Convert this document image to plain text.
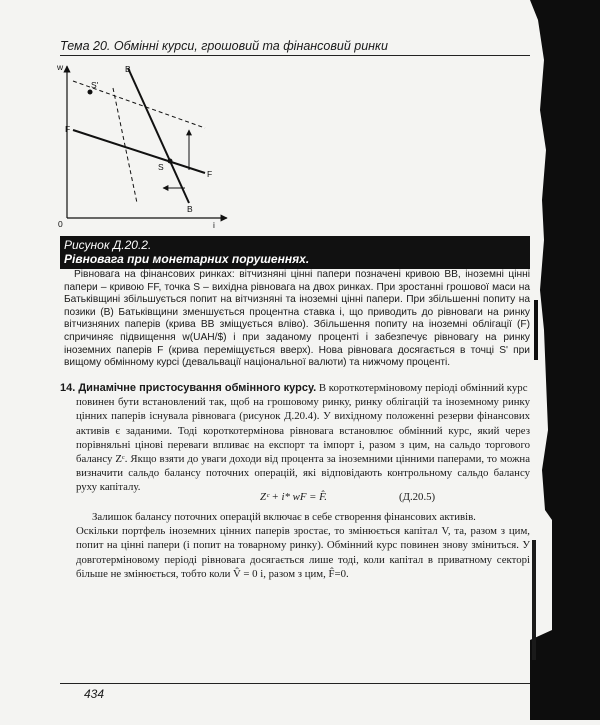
Тема 20. Обмінні курси, грошовий та фінансовий ринки
w
i
0
B
B
F
F
S
S'
Рисунок Д.20.2.
Рівновага при монетарних порушеннях.
Рівновага на фінансових ринках: вітчизняні цінні папери позначені кривою BB, іноземні цінні папери – кривою FF, точка S – вихідна рівновага на двох ринках. При зростанні грошової маси на Батьківщині збільшується попит на вітчизняні та іноземні цінні папери. При збільшенні попиту на позики (B) Батьківщини зменшується процентна ставка i, що приводить до рівноваги на ринку вітчизняних паперів (крива BB зміщується вліво). Збільшення попиту на іноземні облігації (F) спричиняє підвищення w(UAH/$) і при заданому проценті i забезпечує рівновагу на ринку іноземних паперів F (крива переміщується вверх). Нова рівновага досягається в точці S' при вищому обмінному курсі (девальвації національної валюти) та нижчому проценті.
14. Динамічне пристосування обмінного курсу. В короткотерміновому періоді обмінний курс
повинен бути встановлений так, щоб на грошовому ринку, ринку облігацій та іноземному ринку цінних паперів існувала рівновага (рисунок Д.20.4). У вихідному положенні резерви фінансових активів є заданими. Тоді короткотермінова рівновага встановлює обмінний курс, який через порівняльні цінові переваги впливає на експорт та імпорт і, разом з цим, на сальдо торгового балансу Zᶜ. Якщо взяти до уваги доходи від процента за іноземними цінними паперами, то можна визначити сальдо балансу поточних операцій, які відповідають контрольному сальдо балансу руху капіталу.
Zᶜ + i* wF = F̂.	(Д.20.5)
Залишок балансу поточних операцій включає в себе створення фінансових активів.
Оскільки портфель іноземних цінних паперів зростає, то змінюється капітал V, та, разом з цим, попит на цінні папери (і попит на товарному ринку). Обмінний курс повинен знову зміниться. У довготерміновому періоді рівновага досягається лише тоді, коли капітал в приватному секторі більше не змінюється, тобто коли V̂ = 0 і, разом з цим, F̂=0.
434
